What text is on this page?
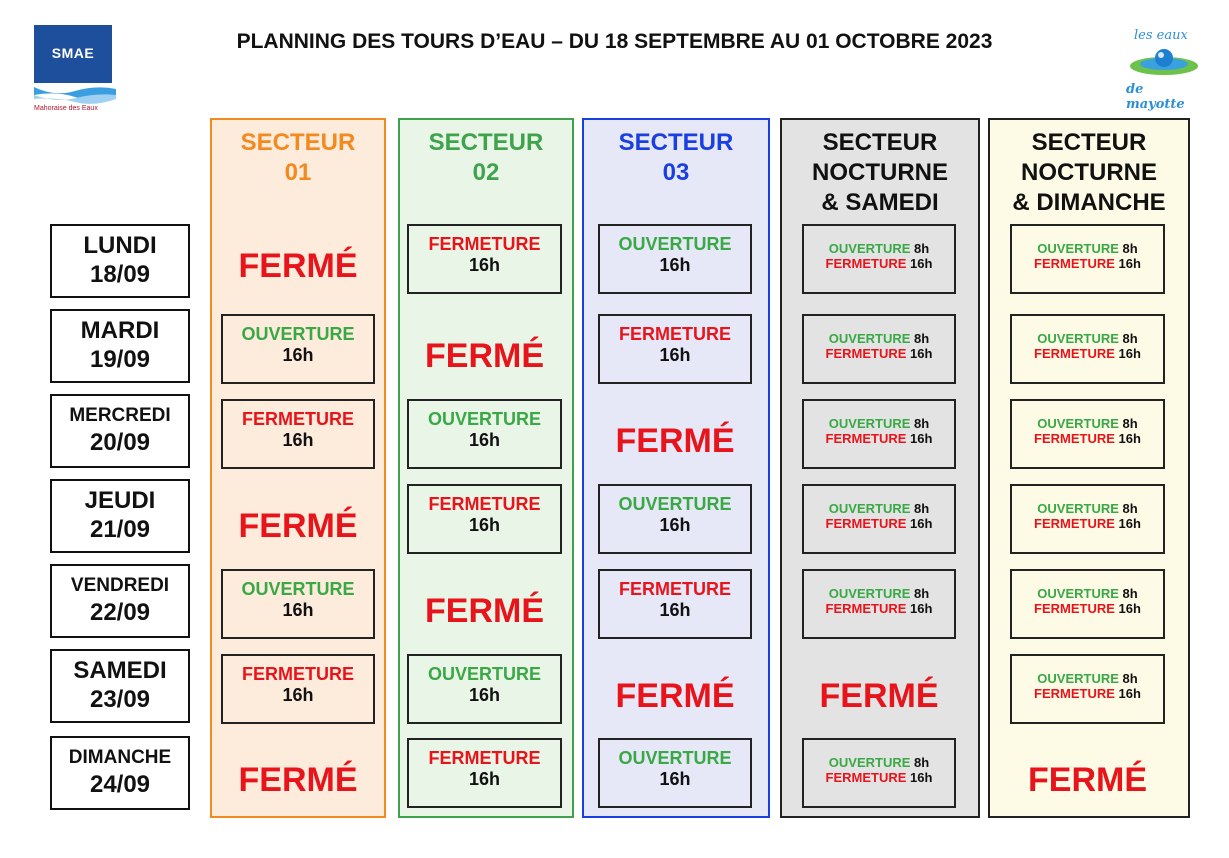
PLANNING DES TOURS D’EAU – DU 18 SEPTEMBRE AU 01 OCTOBRE 2023
SMAE
Mahoraise des Eaux
les eaux
de mayotte
SECTEUR
01
SECTEUR
02
SECTEUR
03
SECTEUR
NOCTURNE
& SAMEDI
SECTEUR
NOCTURNE
& DIMANCHE
LUNDI
18/09
MARDI
19/09
MERCREDI
20/09
JEUDI
21/09
VENDREDI
22/09
SAMEDI
23/09
DIMANCHE
24/09
FERMÉ
OUVERTURE
16h
FERMETURE
16h
FERMÉ
OUVERTURE
16h
FERMETURE
16h
FERMÉ
FERMETURE
16h
FERMÉ
OUVERTURE
16h
FERMETURE
16h
FERMÉ
OUVERTURE
16h
FERMETURE
16h
OUVERTURE
16h
FERMETURE
16h
FERMÉ
OUVERTURE
16h
FERMETURE
16h
FERMÉ
OUVERTURE
16h
OUVERTURE 8h
FERMETURE 16h
OUVERTURE 8h
FERMETURE 16h
OUVERTURE 8h
FERMETURE 16h
OUVERTURE 8h
FERMETURE 16h
OUVERTURE 8h
FERMETURE 16h
FERMÉ
OUVERTURE 8h
FERMETURE 16h
OUVERTURE 8h
FERMETURE 16h
OUVERTURE 8h
FERMETURE 16h
OUVERTURE 8h
FERMETURE 16h
OUVERTURE 8h
FERMETURE 16h
OUVERTURE 8h
FERMETURE 16h
OUVERTURE 8h
FERMETURE 16h
FERMÉ
